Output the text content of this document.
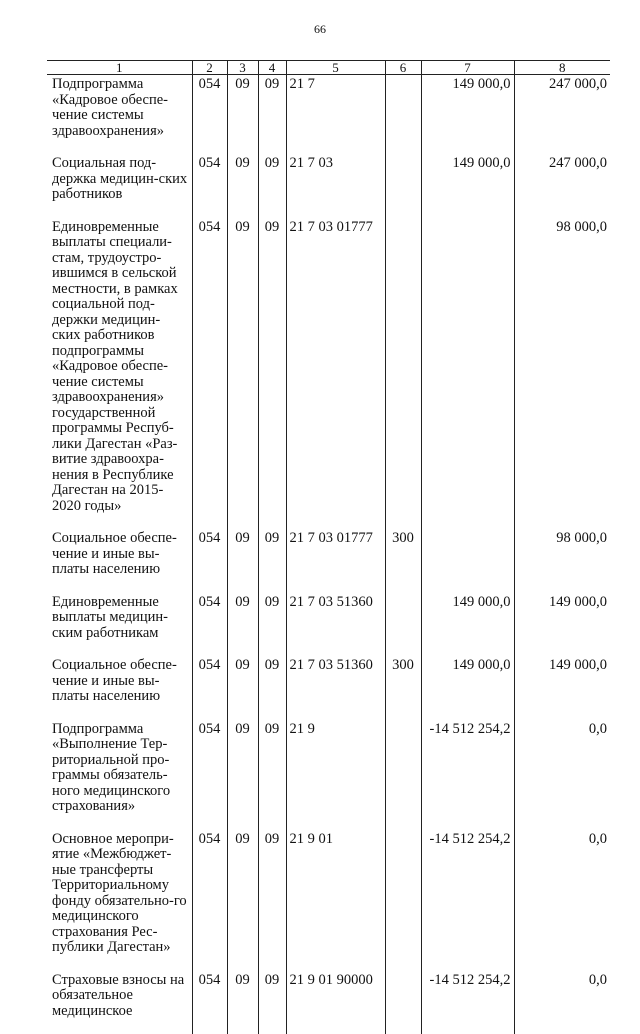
66
1	2	3	4	5	6	7	8
Подпрограмма «Кадровое обеспе-чение системы здравоохранения»	054	09	09	21 7		149 000,0	247 000,0
Социальная под-держка медицин-ских работников	054	09	09	21 7 03		149 000,0	247 000,0
Единовременные выплаты специали-стам, трудоустро-ившимся в сельской местности, в рамках социальной под-держки медицин-ских работников подпрограммы «Кадровое обеспе-чение системы здравоохранения» государственной программы Респуб-лики Дагестан «Раз-витие здравоохра-нения в Республике Дагестан на 2015-2020 годы»	054	09	09	21 7 03 01777			98 000,0
Социальное обеспе-чение и иные вы-платы населению	054	09	09	21 7 03 01777	300		98 000,0
Единовременные выплаты медицин-ским работникам	054	09	09	21 7 03 51360		149 000,0	149 000,0
Социальное обеспе-чение и иные вы-платы населению	054	09	09	21 7 03 51360	300	149 000,0	149 000,0
Подпрограмма «Выполнение Тер-риториальной про-граммы обязатель-ного медицинского страхования»	054	09	09	21 9		-14 512 254,2	0,0
Основное меропри-ятие «Межбюджет-ные трансферты Территориальному фонду обязательно-го медицинского страхования Рес-публики Дагестан»	054	09	09	21 9 01		-14 512 254,2	0,0
Страховые взносы на обязательное медицинское	054	09	09	21 9 01 90000		-14 512 254,2	0,0
